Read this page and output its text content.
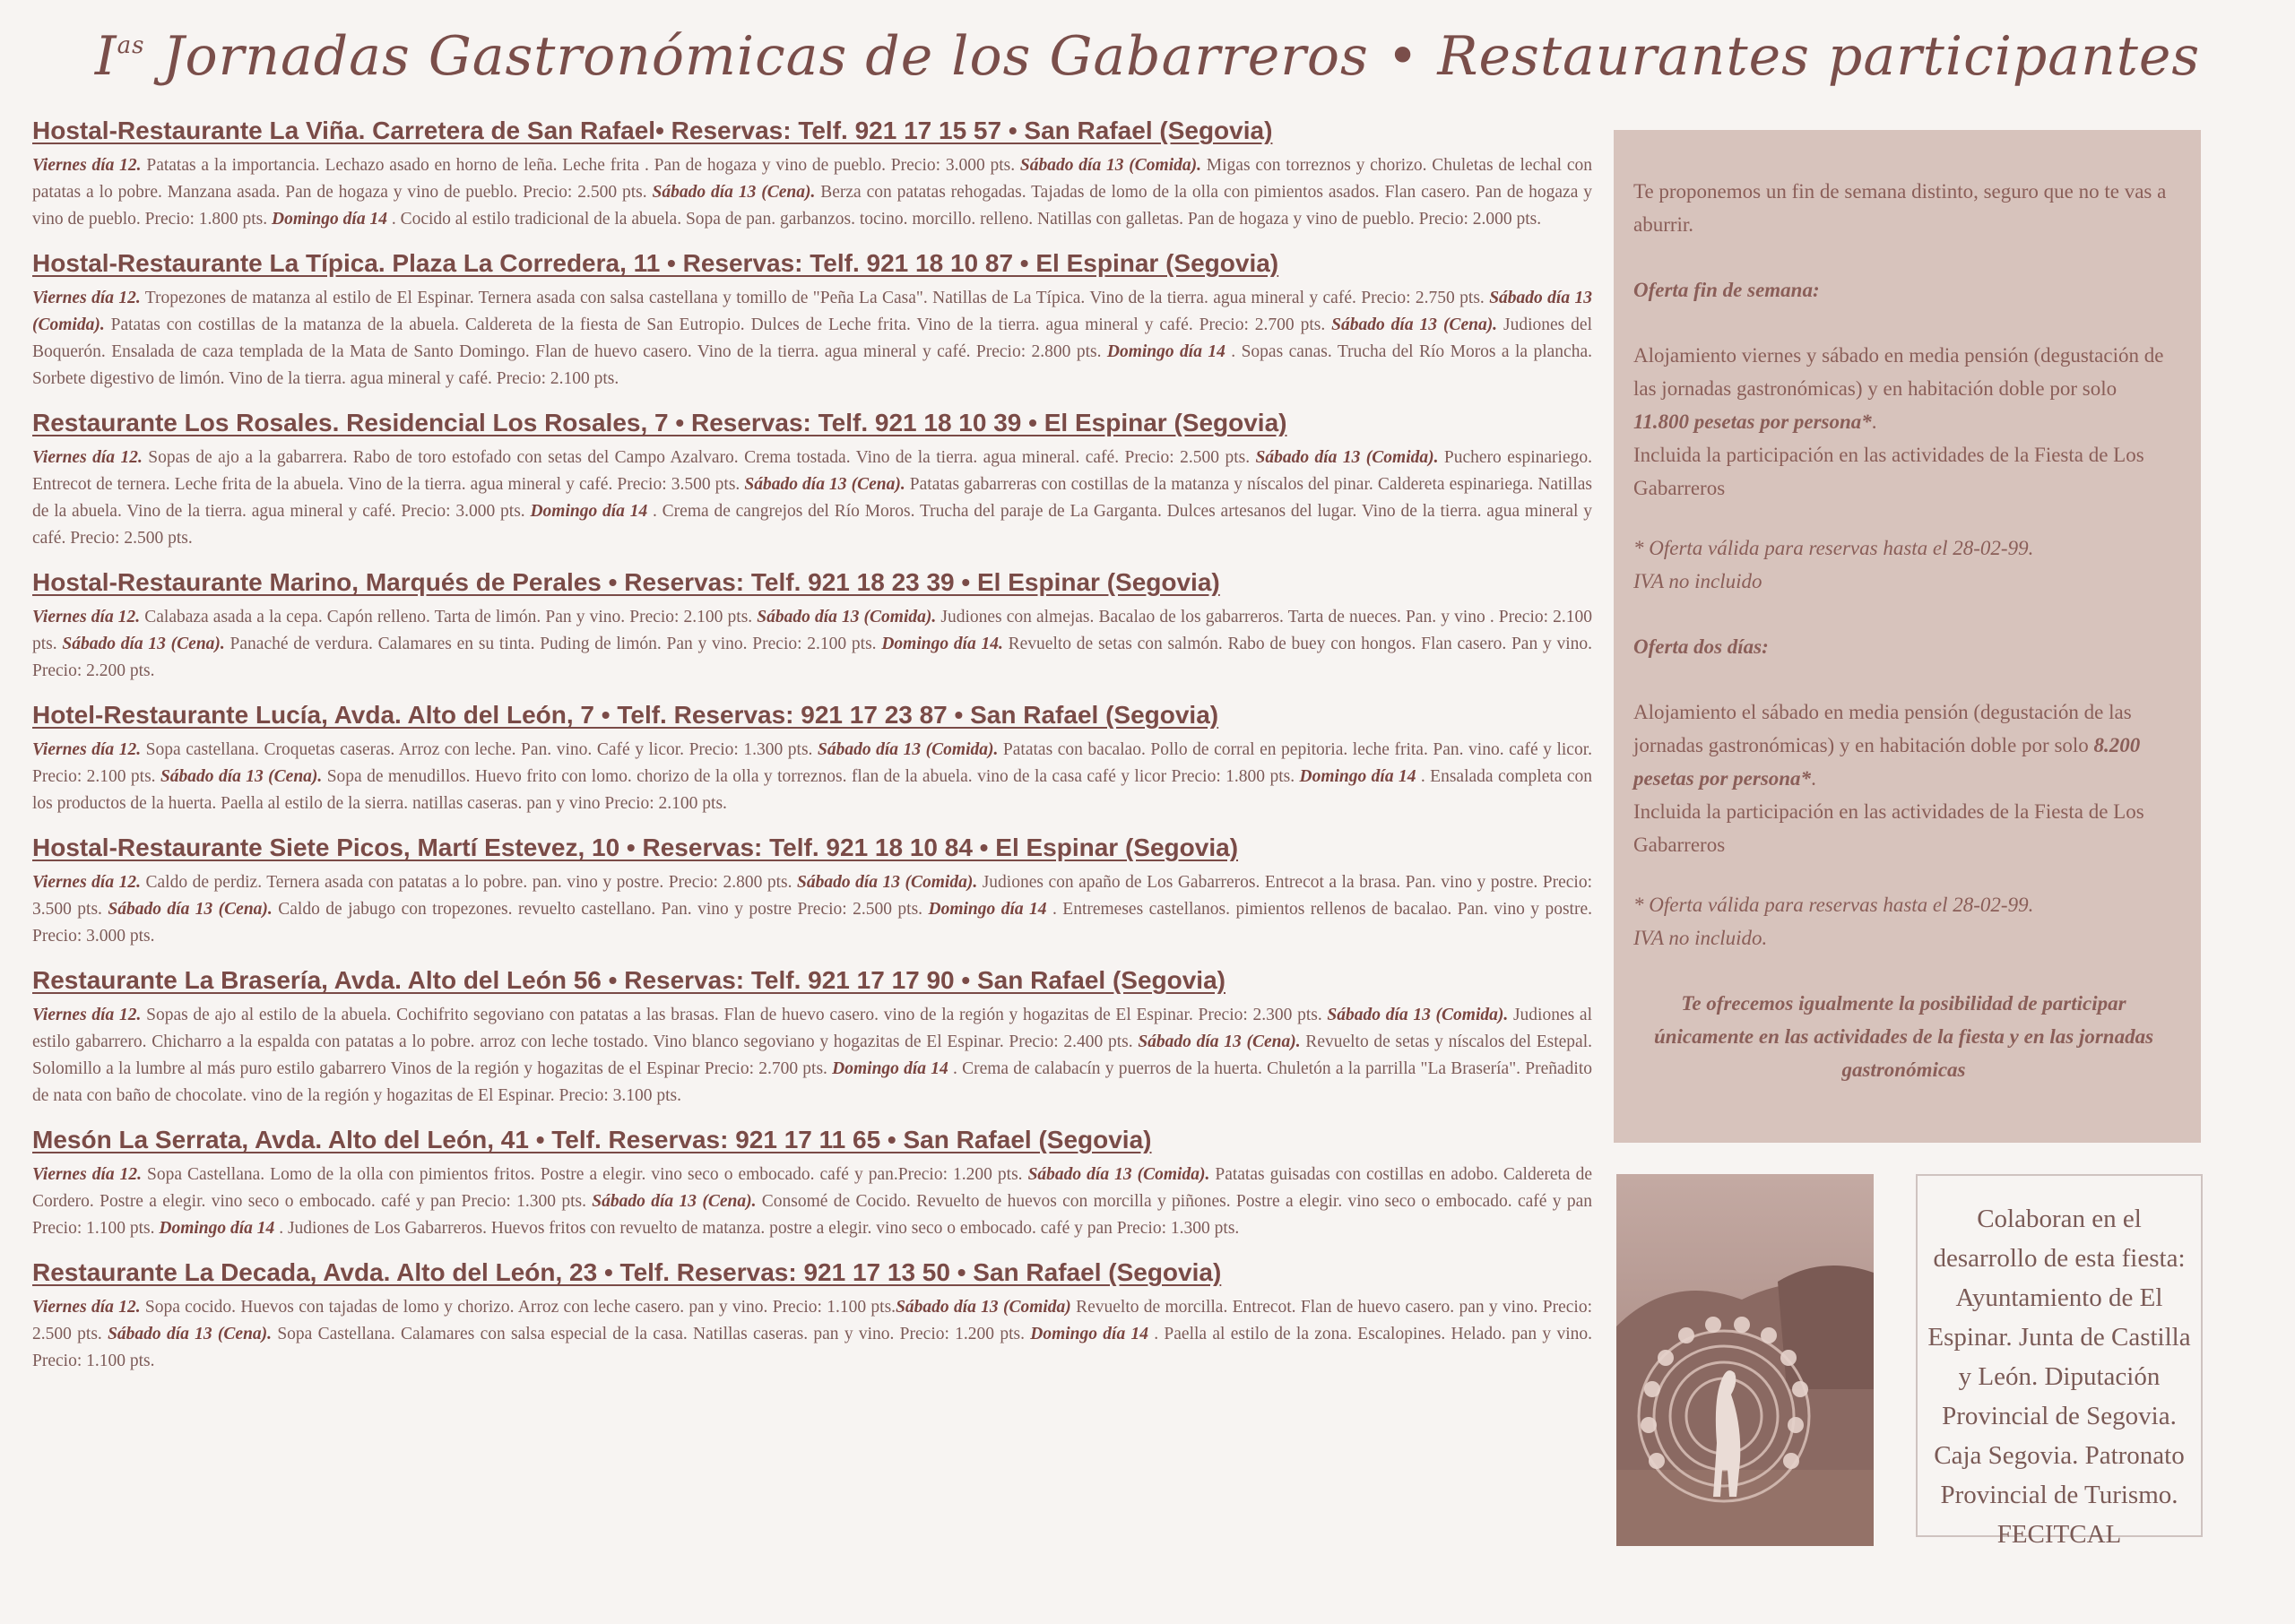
$I^{as}$ Jornadas Gastronómicas de los Gabarreros • Restaurantes participantes
Hostal-Restaurante La Viña. Carretera de San Rafael• Reservas: Telf. 921 17 15 57 • San Rafael (Segovia)

Viernes día 12. Patatas a la importancia. Lechazo asado en horno de leña. Leche frita . Pan de hogaza y vino de pueblo. Precio: 3.000 pts. Sábado día 13 (Comida). Migas con torreznos y chorizo. Chuletas de lechal con patatas a lo pobre. Manzana asada. Pan de hogaza y vino de pueblo. Precio: 2.500 pts. Sábado día 13 (Cena). Berza con patatas rehogadas. Tajadas de lomo de la olla con pimientos asados. Flan casero. Pan de hogaza y vino de pueblo. Precio: 1.800 pts. Domingo día 14 . Cocido al estilo tradicional de la abuela. Sopa de pan. garbanzos. tocino. morcillo. relleno. Natillas con galletas. Pan de hogaza y vino de pueblo. Precio: 2.000 pts.

Hostal-Restaurante La Típica. Plaza La Corredera, 11 • Reservas: Telf. 921 18 10 87 • El Espinar (Segovia)

Viernes día 12. Tropezones de matanza al estilo de El Espinar. Ternera asada con salsa castellana y tomillo de "Peña La Casa". Natillas de La Típica. Vino de la tierra. agua mineral y café. Precio: 2.750 pts. Sábado día 13 (Comida). Patatas con costillas de la matanza de la abuela. Caldereta de la fiesta de San Eutropio. Dulces de Leche frita. Vino de la tierra. agua mineral y café. Precio: 2.700 pts. Sábado día 13 (Cena). Judiones del Boquerón. Ensalada de caza templada de la Mata de Santo Domingo. Flan de huevo casero. Vino de la tierra. agua mineral y café. Precio: 2.800 pts. Domingo día 14 . Sopas canas. Trucha del Río Moros a la plancha. Sorbete digestivo de limón. Vino de la tierra. agua mineral y café. Precio: 2.100 pts.

Restaurante Los Rosales. Residencial Los Rosales, 7 • Reservas: Telf. 921 18 10 39 • El Espinar (Segovia)

Viernes día 12. Sopas de ajo a la gabarrera. Rabo de toro estofado con setas del Campo Azalvaro. Crema tostada. Vino de la tierra. agua mineral. café. Precio: 2.500 pts. Sábado día 13 (Comida). Puchero espinariego. Entrecot de ternera. Leche frita de la abuela. Vino de la tierra. agua mineral y café. Precio: 3.500 pts. Sábado día 13 (Cena). Patatas gabarreras con costillas de la matanza y níscalos del pinar. Caldereta espinariega. Natillas de la abuela. Vino de la tierra. agua mineral y café. Precio: 3.000 pts. Domingo día 14 . Crema de cangrejos del Río Moros. Trucha del paraje de La Garganta. Dulces artesanos del lugar. Vino de la tierra. agua mineral y café. Precio: 2.500 pts.

Hostal-Restaurante Marino, Marqués de Perales • Reservas: Telf. 921 18 23 39 • El Espinar (Segovia)

Viernes día 12. Calabaza asada a la cepa. Capón relleno. Tarta de limón. Pan y vino. Precio: 2.100 pts. Sábado día 13 (Comida). Judiones con almejas. Bacalao de los gabarreros. Tarta de nueces. Pan. y vino . Precio: 2.100 pts. Sábado día 13 (Cena). Panaché de verdura. Calamares en su tinta. Puding de limón. Pan y vino. Precio: 2.100 pts. Domingo día 14. Revuelto de setas con salmón. Rabo de buey con hongos. Flan casero. Pan y vino. Precio: 2.200 pts.

Hotel-Restaurante Lucía, Avda. Alto del León, 7 • Telf. Reservas: 921 17 23 87 • San Rafael (Segovia)

Viernes día 12. Sopa castellana. Croquetas caseras. Arroz con leche. Pan. vino. Café y licor. Precio: 1.300 pts. Sábado día 13 (Comida). Patatas con bacalao. Pollo de corral en pepitoria. leche frita. Pan. vino. café y licor. Precio: 2.100 pts. Sábado día 13 (Cena). Sopa de menudillos. Huevo frito con lomo. chorizo de la olla y torreznos. flan de la abuela. vino de la casa café y licor Precio: 1.800 pts. Domingo día 14 . Ensalada completa con los productos de la huerta. Paella al estilo de la sierra. natillas caseras. pan y vino Precio: 2.100 pts.

Hostal-Restaurante Siete Picos, Martí Estevez, 10 • Reservas: Telf. 921 18 10 84 • El Espinar (Segovia)

Viernes día 12. Caldo de perdiz. Ternera asada con patatas a lo pobre. pan. vino y postre. Precio: 2.800 pts. Sábado día 13 (Comida). Judiones con apaño de Los Gabarreros. Entrecot a la brasa. Pan. vino y postre. Precio: 3.500 pts. Sábado día 13 (Cena). Caldo de jabugo con tropezones. revuelto castellano. Pan. vino y postre Precio: 2.500 pts. Domingo día 14 . Entremeses castellanos. pimientos rellenos de bacalao. Pan. vino y postre. Precio: 3.000 pts.

Restaurante La Brasería, Avda. Alto del León 56 • Reservas: Telf. 921 17 17 90 • San Rafael (Segovia)

Viernes día 12. Sopas de ajo al estilo de la abuela. Cochifrito segoviano con patatas a las brasas. Flan de huevo casero. vino de la región y hogazitas de El Espinar. Precio: 2.300 pts. Sábado día 13 (Comida). Judiones al estilo gabarrero. Chicharro a la espalda con patatas a lo pobre. arroz con leche tostado. Vino blanco segoviano y hogazitas de El Espinar. Precio: 2.400 pts. Sábado día 13 (Cena). Revuelto de setas y níscalos del Estepal. Solomillo a la lumbre al más puro estilo gabarrero Vinos de la región y hogazitas de el Espinar Precio: 2.700 pts. Domingo día 14 . Crema de calabacín y puerros de la huerta. Chuletón a la parrilla "La Brasería". Preñadito de nata con baño de chocolate. vino de la región y hogazitas de El Espinar. Precio: 3.100 pts.

Mesón La Serrata, Avda. Alto del León, 41 • Telf. Reservas: 921 17 11 65 • San Rafael (Segovia)

Viernes día 12. Sopa Castellana. Lomo de la olla con pimientos fritos. Postre a elegir. vino seco o embocado. café y pan.Precio: 1.200 pts. Sábado día 13 (Comida). Patatas guisadas con costillas en adobo. Caldereta de Cordero. Postre a elegir. vino seco o embocado. café y pan Precio: 1.300 pts. Sábado día 13 (Cena). Consomé de Cocido. Revuelto de huevos con morcilla y piñones. Postre a elegir. vino seco o embocado. café y pan Precio: 1.100 pts. Domingo día 14 . Judiones de Los Gabarreros. Huevos fritos con revuelto de matanza. postre a elegir. vino seco o embocado. café y pan Precio: 1.300 pts.

Restaurante La Decada, Avda. Alto del León, 23 • Telf. Reservas: 921 17 13 50 • San Rafael (Segovia)

Viernes día 12. Sopa cocido. Huevos con tajadas de lomo y chorizo. Arroz con leche casero. pan y vino. Precio: 1.100 pts.Sábado día 13 (Comida) Revuelto de morcilla. Entrecot. Flan de huevo casero. pan y vino. Precio: 2.500 pts. Sábado día 13 (Cena). Sopa Castellana. Calamares con salsa especial de la casa. Natillas caseras. pan y vino. Precio: 1.200 pts. Domingo día 14 . Paella al estilo de la zona. Escalopines. Helado. pan y vino. Precio: 1.100 pts.

Te proponemos un fin de semana distinto, seguro que no te vas a aburrir.

Oferta fin de semana:

Alojamiento viernes y sábado en media pensión (degustación de las jornadas gastronómicas) y en habitación doble por solo 11.800 pesetas por persona*.
Incluida la participación en las actividades de la Fiesta de Los Gabarreros

* Oferta válida para reservas hasta el 28-02-99.
IVA no incluido

Oferta dos días:

Alojamiento el sábado en media pensión (degustación de las jornadas gastronómicas) y en habitación doble por solo 8.200 pesetas por persona*.
Incluida la participación en las actividades de la Fiesta de Los Gabarreros

* Oferta válida para reservas hasta el 28-02-99.
IVA no incluido.

Te ofrecemos igualmente la posibilidad de participar únicamente en las actividades de la fiesta y en las jornadas gastronómicas

Colaboran en el desarrollo de esta fiesta: Ayuntamiento de El Espinar. Junta de Castilla y León. Diputación Provincial de Segovia. Caja Segovia. Patronato Provincial de Turismo. FECITCAL
